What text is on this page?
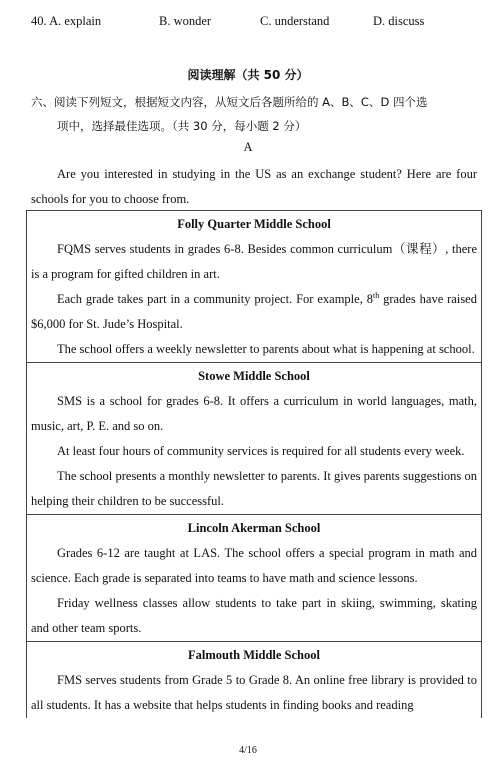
40. A. explain	B. wonder	C. understand	D. discuss
阅读理解（共 50 分）
六、阅读下列短文，根据短文内容，从短文后各题所给的 A、B、C、D 四个选
项中，选择最佳选项。（共 30 分，每小题 2 分）
A
Are you interested in studying in the US as an exchange student? Here are four schools for you to choose from.
Folly Quarter Middle School
FQMS serves students in grades 6-8. Besides common curriculum（课程）, there is a program for gifted children in art.
Each grade takes part in a community project. For example, 8th grades have raised $6,000 for St. Jude’s Hospital.
The school offers a weekly newsletter to parents about what is happening at school.
Stowe Middle School
SMS is a school for grades 6-8. It offers a curriculum in world languages, math, music, art, P. E. and so on.
At least four hours of community services is required for all students every week.
The school presents a monthly newsletter to parents. It gives parents suggestions on helping their children to be successful.
Lincoln Akerman School
Grades 6-12 are taught at LAS. The school offers a special program in math and science. Each grade is separated into teams to have math and science lessons.
Friday wellness classes allow students to take part in skiing, swimming, skating and other team sports.
Falmouth Middle School
FMS serves students from Grade 5 to Grade 8. An online free library is provided to all students. It has a website that helps students in finding books and reading
4/16
